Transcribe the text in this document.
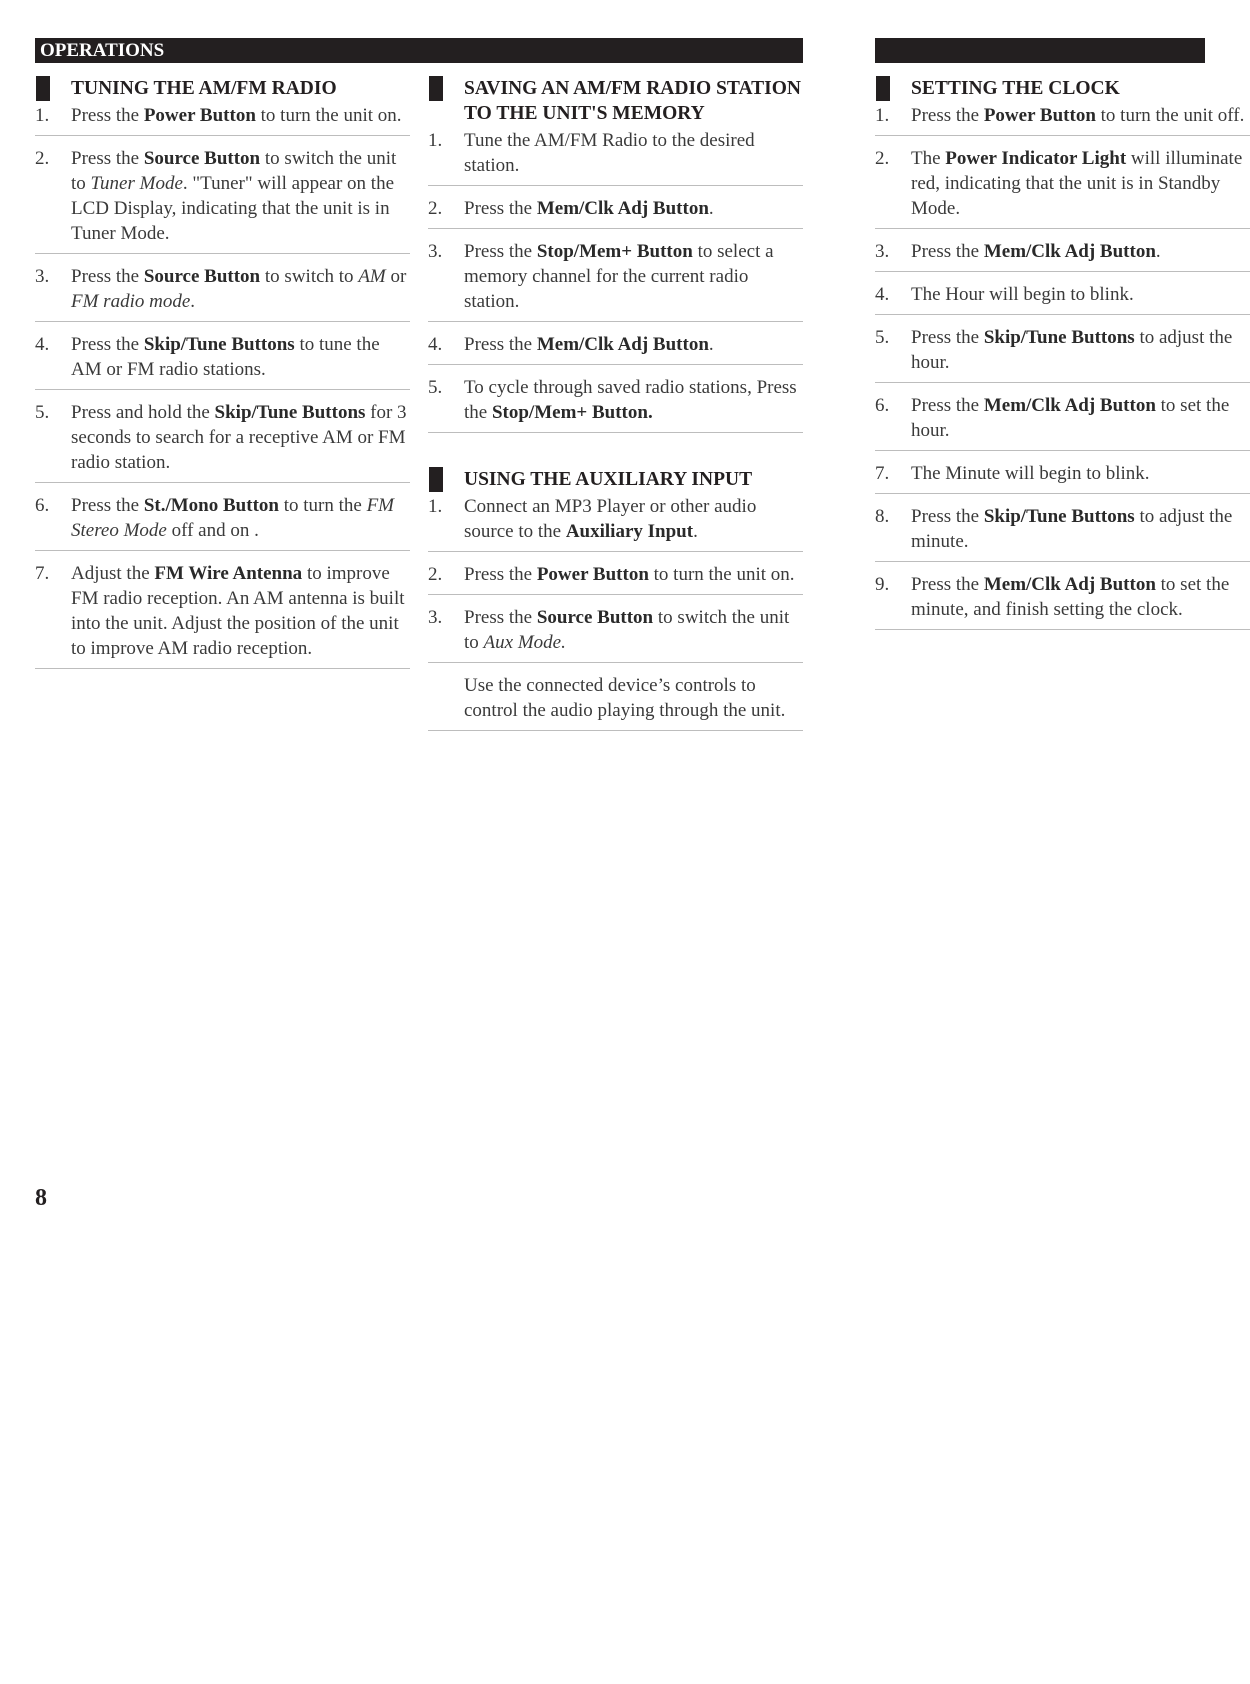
OPERATIONS
TUNING THE AM/FM RADIO
1. Press the Power Button to turn the unit on.
2. Press the Source Button to switch the unit to Tuner Mode. "Tuner" will appear on the LCD Display, indicating that the unit is in Tuner Mode.
3. Press the Source Button to switch to AM or FM radio mode.
4. Press the Skip/Tune Buttons to tune the AM or FM radio stations.
5. Press and hold the Skip/Tune Buttons for 3 seconds to search for a receptive AM or FM radio station.
6. Press the St./Mono Button to turn the FM Stereo Mode off and on .
7. Adjust the FM Wire Antenna to improve FM radio reception. An AM antenna is built into the unit. Adjust the position of the unit to improve AM radio reception.
SAVING AN AM/FM RADIO STATION TO THE UNIT'S MEMORY
1. Tune the AM/FM Radio to the desired station.
2. Press the Mem/Clk Adj Button.
3. Press the Stop/Mem+ Button to select a memory channel for the current radio station.
4. Press the Mem/Clk Adj Button.
5. To cycle through saved radio stations, Press the Stop/Mem+ Button.
USING THE AUXILIARY INPUT
1. Connect an MP3 Player or other audio source to the Auxiliary Input.
2. Press the Power Button to turn the unit on.
3. Press the Source Button to switch the unit to Aux Mode.
Use the connected device’s controls to control the audio playing through the unit.
SETTING THE CLOCK
1. Press the Power Button to turn the unit off.
2. The Power Indicator Light will illuminate red, indicating that the unit is in Standby Mode.
3. Press the Mem/Clk Adj Button.
4. The Hour will begin to blink.
5. Press the Skip/Tune Buttons to adjust the hour.
6. Press the Mem/Clk Adj Button to set the hour.
7. The Minute will begin to blink.
8. Press the Skip/Tune Buttons to adjust the minute.
9. Press the Mem/Clk Adj Button to set the minute, and finish setting the clock.
8
